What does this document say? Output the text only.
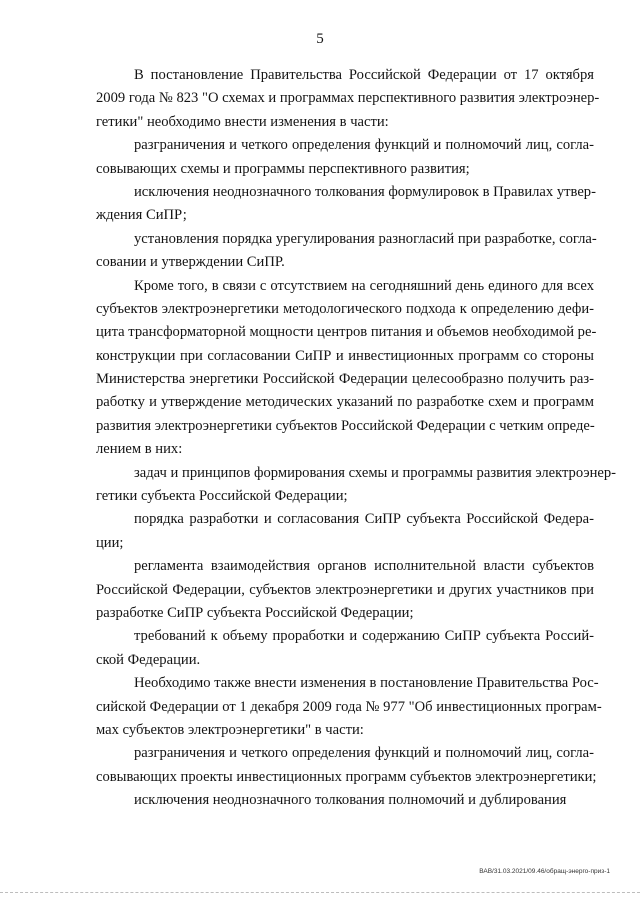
5
В постановление Правительства Российской Федерации от 17 октября
2009 года № 823 "О схемах и программах перспективного развития электроэнер-
гетики" необходимо внести изменения в части:
разграничения и четкого определения функций и полномочий лиц, согла-
совывающих схемы и программы перспективного развития;
исключения неоднозначного толкования формулировок в Правилах утвер-
ждения СиПР;
установления порядка урегулирования разногласий при разработке, согла-
совании и утверждении СиПР.
Кроме того, в связи с отсутствием на сегодняшний день единого для всех
субъектов электроэнергетики методологического подхода к определению дефи-
цита трансформаторной мощности центров питания и объемов необходимой ре-
конструкции при согласовании СиПР и инвестиционных программ со стороны
Министерства энергетики Российской Федерации целесообразно получить раз-
работку и утверждение методических указаний по разработке схем и программ
развития электроэнергетики субъектов Российской Федерации с четким опреде-
лением в них:
задач и принципов формирования схемы и программы развития электроэнер-
гетики субъекта Российской Федерации;
порядка разработки и согласования СиПР субъекта Российской Федера-
ции;
регламента взаимодействия органов исполнительной власти субъектов
Российской Федерации, субъектов электроэнергетики и других участников при
разработке СиПР субъекта Российской Федерации;
требований к объему проработки и содержанию СиПР субъекта Россий-
ской Федерации.
Необходимо также внести изменения в постановление Правительства Рос-
сийской Федерации от 1 декабря 2009 года № 977 "Об инвестиционных програм-
мах субъектов электроэнергетики" в части:
разграничения и четкого определения функций и полномочий лиц, согла-
совывающих проекты инвестиционных программ субъектов электроэнергетики;
исключения неоднозначного толкования полномочий и дублирования
ВАВ/31.03.2021/09.46/обращ-энерго-приз-1
